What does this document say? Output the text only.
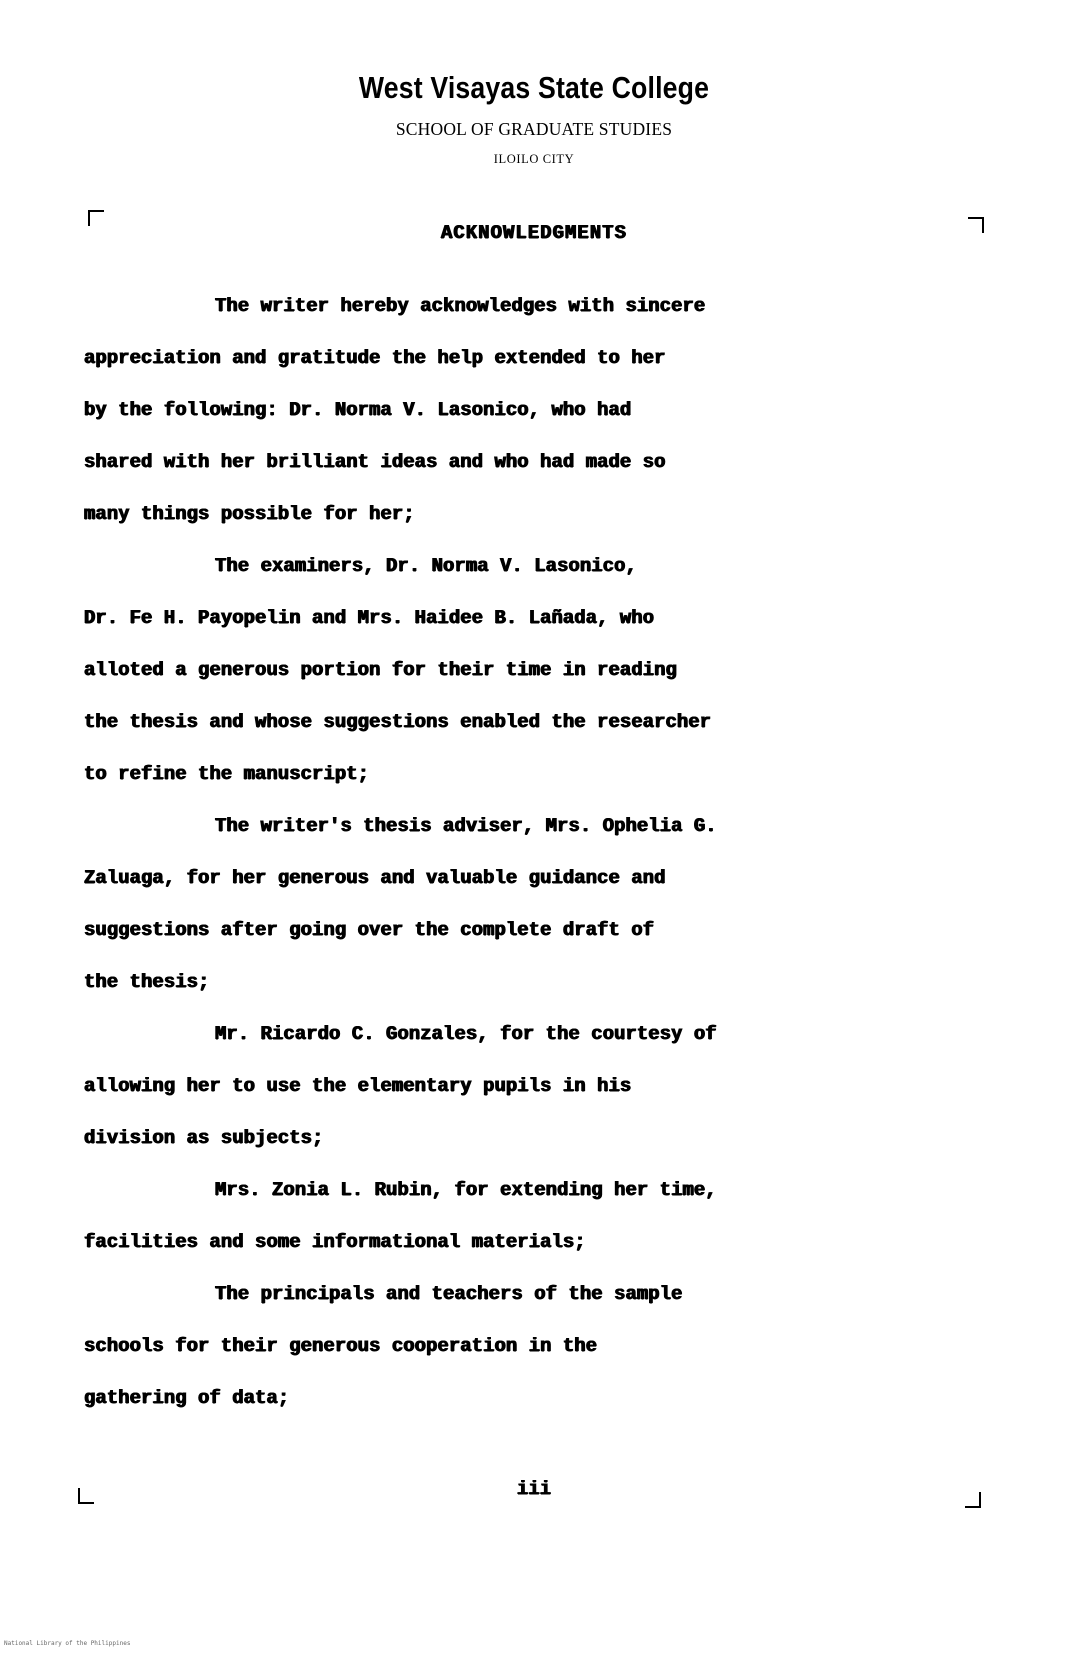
West Visayas State College
SCHOOL OF GRADUATE STUDIES
ILOILO CITY
ACKNOWLEDGMENTS
The writer hereby acknowledges with sincere
appreciation and gratitude the help extended to her
by the following: Dr. Norma V. Lasonico, who had
shared with her brilliant ideas and who had made so
many things possible for her;
The examiners, Dr. Norma V. Lasonico,
Dr. Fe H. Payopelin and Mrs. Haidee B. Lañada, who
alloted a generous portion for their time in reading
the thesis and whose suggestions enabled the researcher
to refine the manuscript;
The writer's thesis adviser, Mrs. Ophelia G.
Zaluaga, for her generous and valuable guidance and
suggestions after going over the complete draft of
the thesis;
Mr. Ricardo C. Gonzales, for the courtesy of
allowing her to use the elementary pupils in his
division as subjects;
Mrs. Zonia L. Rubin, for extending her time,
facilities and some informational materials;
The principals and teachers of the sample
schools for their generous cooperation in the
gathering of data;
iii
National Library of the Philippines
